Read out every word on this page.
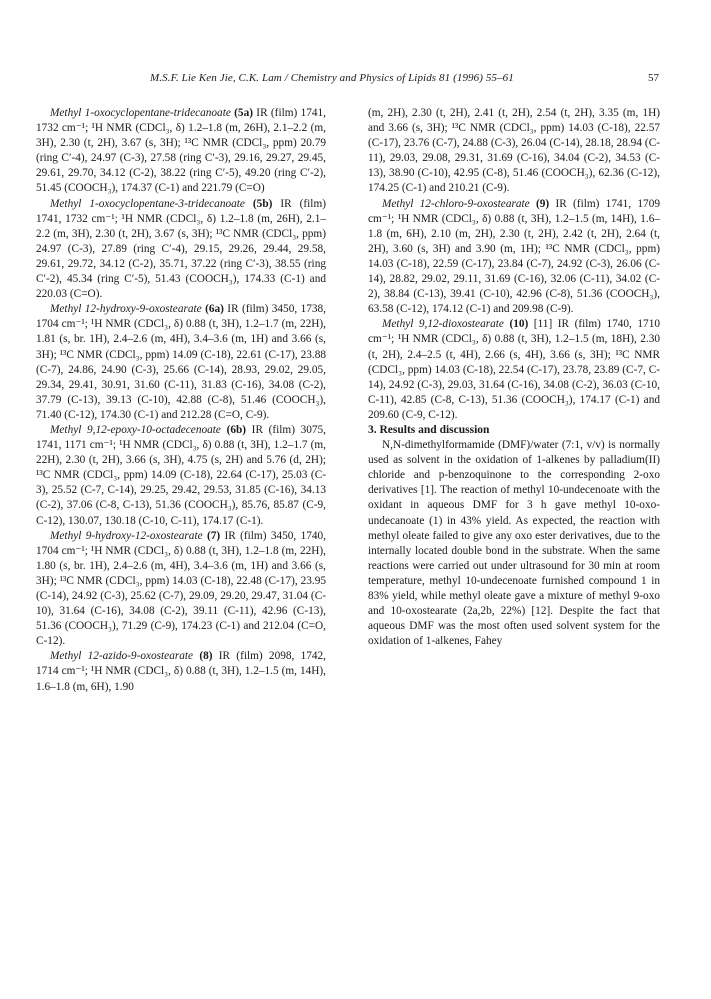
M.S.F. Lie Ken Jie, C.K. Lam / Chemistry and Physics of Lipids 81 (1996) 55–61	57

Methyl 1-oxocyclopentane-tridecanoate (5a) IR (film) 1741, 1732 cm⁻¹; ¹H NMR (CDCl₃, δ) 1.2–1.8 (m, 26H), 2.1–2.2 (m, 3H), 2.30 (t, 2H), 3.67 (s, 3H); ¹³C NMR (CDCl₃, ppm) 20.79 (ring C′-4), 24.97 (C-3), 27.58 (ring C′-3), 29.16, 29.27, 29.45, 29.61, 29.70, 34.12 (C-2), 38.22 (ring C′-5), 49.20 (ring C′-2), 51.45 (COOCH₃), 174.37 (C-1) and 221.79 (C=O)

Methyl 1-oxocyclopentane-3-tridecanoate (5b) IR (film) 1741, 1732 cm⁻¹; ¹H NMR (CDCl₃, δ) 1.2–1.8 (m, 26H), 2.1–2.2 (m, 3H), 2.30 (t, 2H), 3.67 (s, 3H); ¹³C NMR (CDCl₃, ppm) 24.97 (C-3), 27.89 (ring C′-4), 29.15, 29.26, 29.44, 29.58, 29.61, 29.72, 34.12 (C-2), 35.71, 37.22 (ring C′-3), 38.55 (ring C′-2), 45.34 (ring C′-5), 51.43 (COOCH₃), 174.33 (C-1) and 220.03 (C=O).

Methyl 12-hydroxy-9-oxostearate (6a) IR (film) 3450, 1738, 1704 cm⁻¹; ¹H NMR (CDCl₃, δ) 0.88 (t, 3H), 1.2–1.7 (m, 22H), 1.81 (s, br. 1H), 2.4–2.6 (m, 4H), 3.4–3.6 (m, 1H) and 3.66 (s, 3H); ¹³C NMR (CDCl₃, ppm) 14.09 (C-18), 22.61 (C-17), 23.88 (C-7), 24.86, 24.90 (C-3), 25.66 (C-14), 28.93, 29.02, 29.05, 29.34, 29.41, 30.91, 31.60 (C-11), 31.83 (C-16), 34.08 (C-2), 37.79 (C-13), 39.13 (C-10), 42.88 (C-8), 51.46 (COOCH₃), 71.40 (C-12), 174.30 (C-1) and 212.28 (C=O, C-9).

Methyl 9,12-epoxy-10-octadecenoate (6b) IR (film) 3075, 1741, 1171 cm⁻¹; ¹H NMR (CDCl₃, δ) 0.88 (t, 3H), 1.2–1.7 (m, 22H), 2.30 (t, 2H), 3.66 (s, 3H), 4.75 (s, 2H) and 5.76 (d, 2H); ¹³C NMR (CDCl₃, ppm) 14.09 (C-18), 22.64 (C-17), 25.03 (C-3), 25.52 (C-7, C-14), 29.25, 29.42, 29.53, 31.85 (C-16), 34.13 (C-2), 37.06 (C-8, C-13), 51.36 (COOCH₃), 85.76, 85.87 (C-9, C-12), 130.07, 130.18 (C-10, C-11), 174.17 (C-1).

Methyl 9-hydroxy-12-oxostearate (7) IR (film) 3450, 1740, 1704 cm⁻¹; ¹H NMR (CDCl₃, δ) 0.88 (t, 3H), 1.2–1.8 (m, 22H), 1.80 (s, br. 1H), 2.4–2.6 (m, 4H), 3.4–3.6 (m, 1H) and 3.66 (s, 3H); ¹³C NMR (CDCl₃, ppm) 14.03 (C-18), 22.48 (C-17), 23.95 (C-14), 24.92 (C-3), 25.62 (C-7), 29.09, 29.20, 29.47, 31.04 (C-10), 31.64 (C-16), 34.08 (C-2), 39.11 (C-11), 42.96 (C-13), 51.36 (COOCH₃), 71.29 (C-9), 174.23 (C-1) and 212.04 (C=O, C-12).

Methyl 12-azido-9-oxostearate (8) IR (film) 2098, 1742, 1714 cm⁻¹; ¹H NMR (CDCl₃, δ) 0.88 (t, 3H), 1.2–1.5 (m, 14H), 1.6–1.8 (m, 6H), 1.90

(m, 2H), 2.30 (t, 2H), 2.41 (t, 2H), 2.54 (t, 2H), 3.35 (m, 1H) and 3.66 (s, 3H); ¹³C NMR (CDCl₃, ppm) 14.03 (C-18), 22.57 (C-17), 23.76 (C-7), 24.88 (C-3), 26.04 (C-14), 28.18, 28.94 (C-11), 29.03, 29.08, 29.31, 31.69 (C-16), 34.04 (C-2), 34.53 (C-13), 38.90 (C-10), 42.95 (C-8), 51.46 (COOCH₃), 62.36 (C-12), 174.25 (C-1) and 210.21 (C-9).

Methyl 12-chloro-9-oxostearate (9) IR (film) 1741, 1709 cm⁻¹; ¹H NMR (CDCl₃, δ) 0.88 (t, 3H), 1.2–1.5 (m, 14H), 1.6–1.8 (m, 6H), 2.10 (m, 2H), 2.30 (t, 2H), 2.42 (t, 2H), 2.64 (t, 2H), 3.60 (s, 3H) and 3.90 (m, 1H); ¹³C NMR (CDCl₃, ppm) 14.03 (C-18), 22.59 (C-17), 23.84 (C-7), 24.92 (C-3), 26.06 (C-14), 28.82, 29.02, 29.11, 31.69 (C-16), 32.06 (C-11), 34.02 (C-2), 38.84 (C-13), 39.41 (C-10), 42.96 (C-8), 51.36 (COOCH₃), 63.58 (C-12), 174.12 (C-1) and 209.98 (C-9).

Methyl 9,12-dioxostearate (10) [11] IR (film) 1740, 1710 cm⁻¹; ¹H NMR (CDCl₃, δ) 0.88 (t, 3H), 1.2–1.5 (m, 18H), 2.30 (t, 2H), 2.4–2.5 (t, 4H), 2.66 (s, 4H), 3.66 (s, 3H); ¹³C NMR (CDCl₃, ppm) 14.03 (C-18), 22.54 (C-17), 23.78, 23.89 (C-7, C-14), 24.92 (C-3), 29.03, 31.64 (C-16), 34.08 (C-2), 36.03 (C-10, C-11), 42.85 (C-8, C-13), 51.36 (COOCH₃), 174.17 (C-1) and 209.60 (C-9, C-12).

3. Results and discussion

N,N-dimethylformamide (DMF)/water (7:1, v/v) is normally used as solvent in the oxidation of 1-alkenes by palladium(II) chloride and p-benzoquinone to the corresponding 2-oxo derivatives [1]. The reaction of methyl 10-undecenoate with the oxidant in aqueous DMF for 3 h gave methyl 10-oxo-undecanoate (1) in 43% yield. As expected, the reaction with methyl oleate failed to give any oxo ester derivatives, due to the internally located double bond in the substrate. When the same reactions were carried out under ultrasound for 30 min at room temperature, methyl 10-undecenoate furnished compound 1 in 83% yield, while methyl oleate gave a mixture of methyl 9-oxo and 10-oxostearate (2a,2b, 22%) [12]. Despite the fact that aqueous DMF was the most often used solvent system for the oxidation of 1-alkenes, Fahey
